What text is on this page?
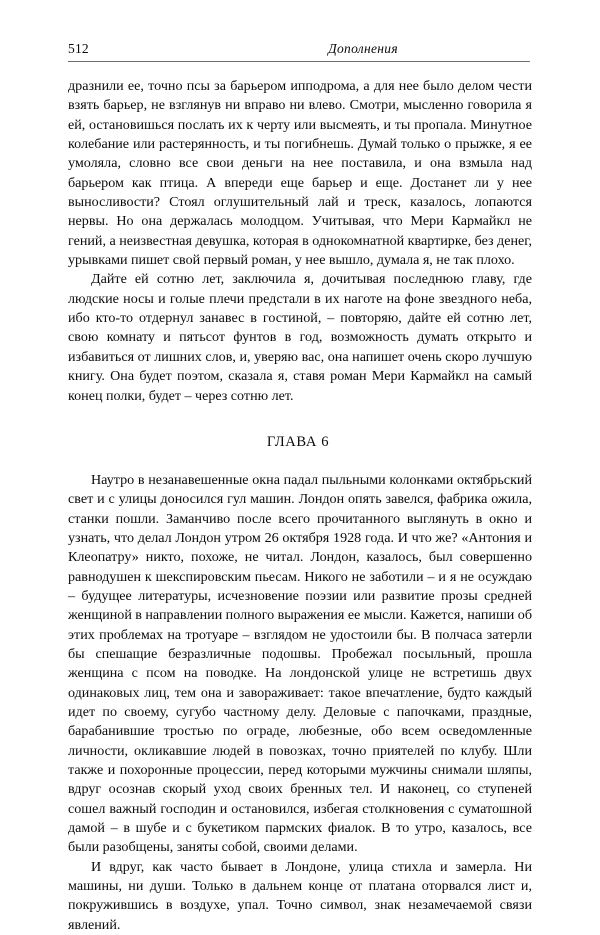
512	Дополнения

дразнили ее, точно псы за барьером ипподрома, а для нее было делом чести взять барьер, не взглянув ни вправо ни влево. Смотри, мысленно говорила я ей, остановишься послать их к черту или высмеять, и ты пропала. Минутное колебание или растерянность, и ты погибнешь. Думай только о прыжке, я ее умоляла, словно все свои деньги на нее поставила, и она взмыла над барьером как птица. А впереди еще барьер и еще. Достанет ли у нее выносливости? Стоял оглушительный лай и треск, казалось, лопаются нервы. Но она держалась молодцом. Учитывая, что Мери Кармайкл не гений, а неизвестная девушка, которая в однокомнатной квартирке, без денег, урывками пишет свой первый роман, у нее вышло, думала я, не так плохо.

Дайте ей сотню лет, заключила я, дочитывая последнюю главу, где людские носы и голые плечи предстали в их наготе на фоне звездного неба, ибо кто-то отдернул занавес в гостиной, – повторяю, дайте ей сотню лет, свою комнату и пятьсот фунтов в год, возможность думать открыто и избавиться от лишних слов, и, уверяю вас, она напишет очень скоро лучшую книгу. Она будет поэтом, сказала я, ставя роман Мери Кармайкл на самый конец полки, будет – через сотню лет.

ГЛАВА 6

Наутро в незанавешенные окна падал пыльными колонками октябрьский свет и с улицы доносился гул машин. Лондон опять завелся, фабрика ожила, станки пошли. Заманчиво после всего прочитанного выглянуть в окно и узнать, что делал Лондон утром 26 октября 1928 года. И что же? «Антония и Клеопатру» никто, похоже, не читал. Лондон, казалось, был совершенно равнодушен к шекспировским пьесам. Никого не заботили – и я не осуждаю – будущее литературы, исчезновение поэзии или развитие прозы средней женщиной в направлении полного выражения ее мысли. Кажется, напиши об этих проблемах на тротуаре – взглядом не удостоили бы. В полчаса затерли бы спешащие безразличные подошвы. Пробежал посыльный, прошла женщина с псом на поводке. На лондонской улице не встретишь двух одинаковых лиц, тем она и завораживает: такое впечатление, будто каждый идет по своему, сугубо частному делу. Деловые с папочками, праздные, барабанившие тростью по ограде, любезные, обо всем осведомленные личности, окликавшие людей в повозках, точно приятелей по клубу. Шли также и похоронные процессии, перед которыми мужчины снимали шляпы, вдруг осознав скорый уход своих бренных тел. И наконец, со ступеней сошел важный господин и остановился, избегая столкновения с суматошной дамой – в шубе и с букетиком пармских фиалок. В то утро, казалось, все были разобщены, заняты собой, своими делами.

И вдруг, как часто бывает в Лондоне, улица стихла и замерла. Ни машины, ни души. Только в дальнем конце от платана оторвался лист и, покружившись в воздухе, упал. Точно символ, знак незамечаемой связи явлений.
